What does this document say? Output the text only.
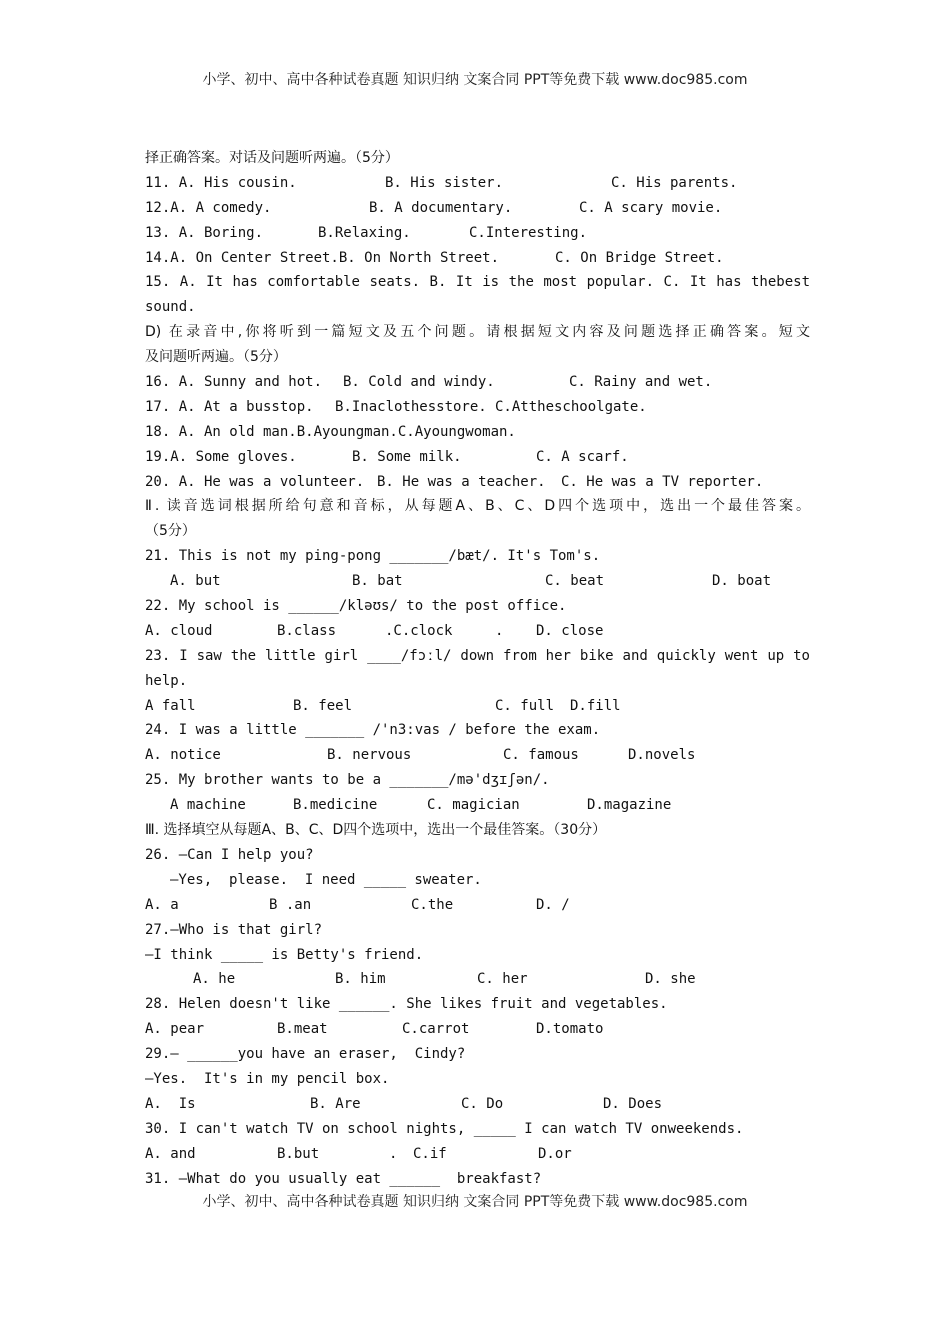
小学、初中、高中各种试卷真题 知识归纳 文案合同 PPT等免费下载 www.doc985.com
择正确答案。对话及问题听两遍。（5分）
11. A. His cousin.	B. His sister.	C. His parents.
12.A. A comedy.	B. A documentary.	C. A scary movie.
13. A. Boring.	B.Relaxing.	C.Interesting.
14.A. On Center Street.B. On North Street.	C. On Bridge Street.
15. A. It has comfortable seats. B. It is the most popular. C. It has thebest
sound.
D) 在录音中,你将听到一篇短文及五个问题。请根据短文内容及问题选择正确答案。短文
及问题听两遍。（5分）
16. A. Sunny and hot. B. Cold and windy.	C. Rainy and wet.
17. A. At a busstop. B.Inaclothesstore. C.Attheschoolgate.
18. A. An old man.B.Ayoungman.C.Ayoungwoman.
19.A. Some gloves.	B. Some milk.	C. A scarf.
20. A. He was a volunteer. B. He was a teacher. C. He was a TV reporter.
Ⅱ. 读音选词根据所给句意和音标，从每题A、B、C、D四个选项中，选出一个最佳答案。
（5分）
21. This is not my ping-pong _______/bæt/. It's Tom's.
A. but	B. bat	C. beat	D. boat
22. My school is ______/kləʊs/ to the post office.
A. cloud	B.class	.C.clock	. D. close
23. I saw the little girl ____/fɔːl/ down from her bike and quickly went up to
help.
A fall	B. feel	C. full D.fill
24. I was a little _______ /'n3:vas / before the exam.
A. notice	B. nervous	C. famous	D.novels
25. My brother wants to be a _______/mə'dʒɪʃən/.
A machine	B.medicine	C. magician	D.magazine
Ⅲ. 选择填空从每题A、B、C、D四个选项中，选出一个最佳答案。（30分）
26. —Can I help you?
—Yes,  please.  I need _____ sweater.
A. a	B .an	C.the	D. /
27.—Who is that girl?
—I think _____ is Betty's friend.
A. he	B. him	C. her	D. she
28. Helen doesn't like ______. She likes fruit and vegetables.
A. pear	B.meat	C.carrot	D.tomato
29.— ______you have an eraser,  Cindy?
—Yes.  It's in my pencil box.
A.  Is	B. Are	C. Do	D. Does
30. I can't watch TV on school nights, _____ I can watch TV onweekends.
A. and	B.but	. C.if	D.or
31. —What do you usually eat ______  breakfast?
小学、初中、高中各种试卷真题 知识归纳 文案合同 PPT等免费下载 www.doc985.com
